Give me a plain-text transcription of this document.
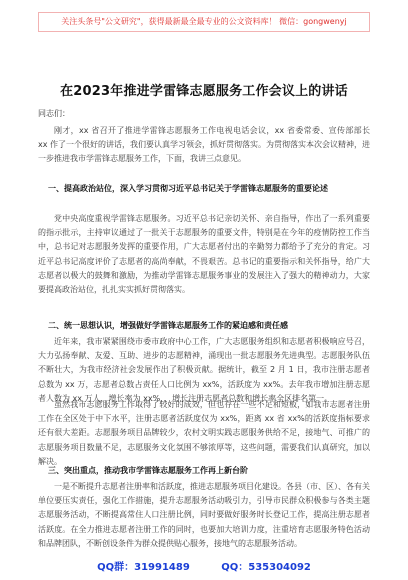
关注头条号"公文研究"，获得最新最全最专业的公文资料库！ 微信：gongwenyj
在2023年推进学雷锋志愿服务工作会议上的讲话
同志们：

刚才，xx 省召开了推进学雷锋志愿服务工作电视电话会议，xx 省委常委、宣传部部长 xx 作了一个很好的讲话，我们要认真学习领会，抓好贯彻落实。为贯彻落实本次会议精神，进一步推进我市学雷锋志愿服务工作，下面，我讲三点意见。

一、提高政治站位，深入学习贯彻习近平总书记关于学雷锋志愿服务的重要论述

党中央高度重视学雷锋志愿服务。习近平总书记亲切关怀、亲自指导，作出了一系列重要的指示批示，主持审议通过了一批关于志愿服务的重要文件，特别是在今年的疫情防控工作当中，总书记对志愿服务发挥的重要作用，广大志愿者付出的辛勤努力都给予了充分的肯定。习近平总书记高度评价了志愿者的高尚奉献，不畏艰苦。总书记的重要指示和关怀指导，给广大志愿者以极大的鼓舞和激励，为推动学雷锋志愿服务事业的发展注入了强大的精神动力，大家要提高政治站位，扎扎实实抓好贯彻落实。

二、统一思想认识，增强做好学雷锋志愿服务工作的紧迫感和责任感

近年来，我市紧紧围绕市委市政府中心工作，广大志愿服务组织和志愿者积极响应号召，大力弘扬奉献、友爱、互助、进步的志愿精神，涌现出一批志愿服务先进典型。志愿服务队伍不断壮大，为我市经济社会发展作出了积极贡献。据统计，截至 2 月 1 日，我市注册志愿者总数为 xx 万，志愿者总数占责任人口比例为 xx%，活跃度为 xx%。去年我市增加注册志愿者人数为 xx 万人，增长率为 xx%，，增长注册志愿者总数和增长率全区排名第一。

虽然我市志愿服务工作取得了较好的成效，但也存在一些不足和短板，如我市志愿者注册工作在全区处于中下水平，注册志愿者活跃度仅为 xx%，距离 xx 省 xx%的活跃度指标要求还有很大差距。志愿服务项目品牌较少，农村文明实践志愿服务供给不足，接地气、可推广的志愿服务项目数量不足，志愿服务文化氛围不够浓厚等，这些问题，需要我们认真研究，加以解决。

三、突出重点，推动我市学雷锋志愿服务工作再上新台阶

一是不断提升志愿者注册率和活跃度，推进志愿服务项目化建设。各县（市、区）、各有关单位要压实责任，强化工作措施，提升志愿服务活动吸引力，引导市民群众积极参与各类主题志愿服务活动，不断提高常住人口注册比例，同时要做好服务时长登记工作，提高注册志愿者活跃度。在全力推进志愿者注册工作的同时，也要加大培训力度，注重培育志愿服务特色活动和品牌团队，不断创设条件为群众提供贴心服务，接地气的志愿服务活动。

QQ群：31991489	QQ：535304092
